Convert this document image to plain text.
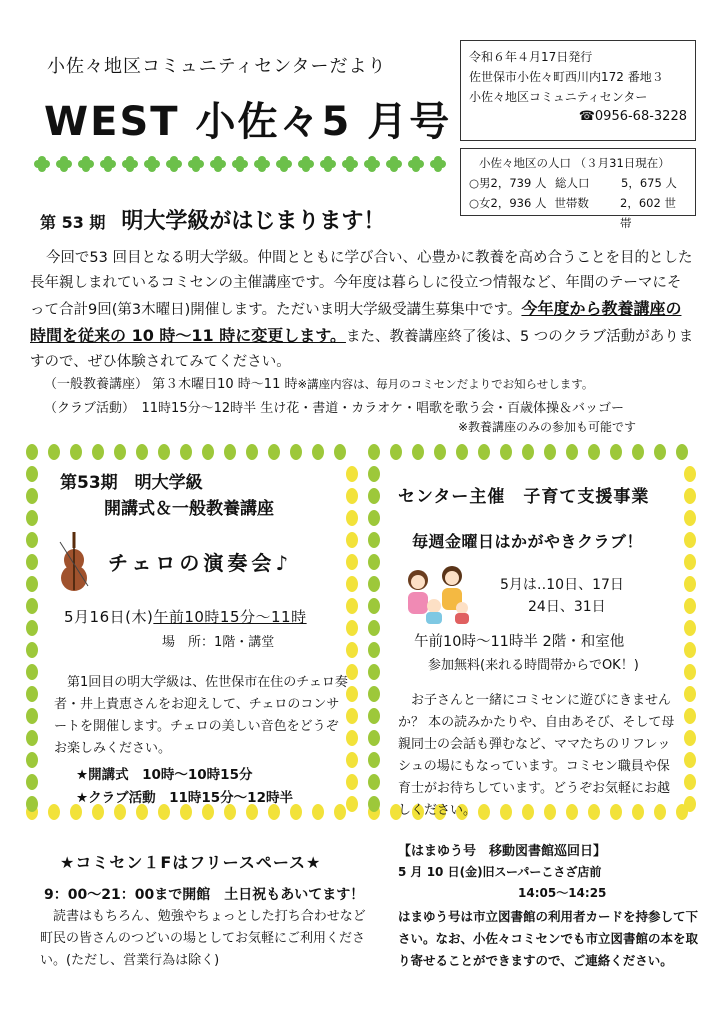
小佐々地区コミュニティセンターだより
WEST 小佐々5 月号
令和６年４月17日発行
佐世保市小佐々町西川内172 番地３
小佐々地区コミュニティセンター
☎0956-68-3228
小佐々地区の人口 （３月31日現在）
○男2，739 人 総人口	5，675 人
○女2，936 人 世帯数	2，602 世帯
第 53 期 明大学級がはじまります！
今回で53 回目となる明大学級。仲間とともに学び合い、心豊かに教養を高め合うことを目的とした長年親しまれているコミセンの主催講座です。今年度は暮らしに役立つ情報など、年間のテーマにそって合計9回(第3木曜日)開催します。ただいま明大学級受講生募集中です。今年度から教養講座の時間を従来の 10 時～11 時に変更します。また、教養講座終了後は、5 つのクラブ活動がありますので、ぜひ体験されてみてください。
（一般教養講座） 第３木曜日10 時～11 時※講座内容は、毎月のコミセンだよりでお知らせします。
（クラブ活動）　11時15分～12時半 生け花・書道・カラオケ・唱歌を歌う会・百歳体操＆バッゴー
※教養講座のみの参加も可能です
第53期　明大学級
開講式＆一般教養講座
チェロの演奏会♪
5月16日(木)午前10時15分～11時
場　所：1階・講堂
第1回目の明大学級は、佐世保市在住のチェロ奏者・井上貴恵さんをお迎えして、チェロのコンサートを開催します。チェロの美しい音色をどうぞお楽しみください。
★開講式　10時～10時15分
★クラブ活動　11時15分～12時半
センター主催　子育て支援事業
毎週金曜日はかがやきクラブ！
5月は‥10日、17日
24日、31日
午前10時～11時半 2階・和室他
参加無料(来れる時間帯からでOK！)
お子さんと一緒にコミセンに遊びにきませんか？ 本の読みかたりや、自由あそび、そして母親同士の会話も弾むなど、ママたちのリフレッシュの場にもなっています。コミセン職員や保育士がお待ちしています。どうぞお気軽にお越しください。
★コミセン１Fはフリースペース★
9：00～21：00まで開館　土日祝もあいてます！
読書はもちろん、勉強やちょっとした打ち合わせなど町民の皆さんのつどいの場としてお気軽にご利用ください。(ただし、営業行為は除く)
【はまゆう号　移動図書館巡回日】
5 月 10 日(金)旧スーパーこさざ店前
14:05～14:25
はまゆう号は市立図書館の利用者カードを持参して下さい。なお、小佐々コミセンでも市立図書館の本を取り寄せることができますので、ご連絡ください。
